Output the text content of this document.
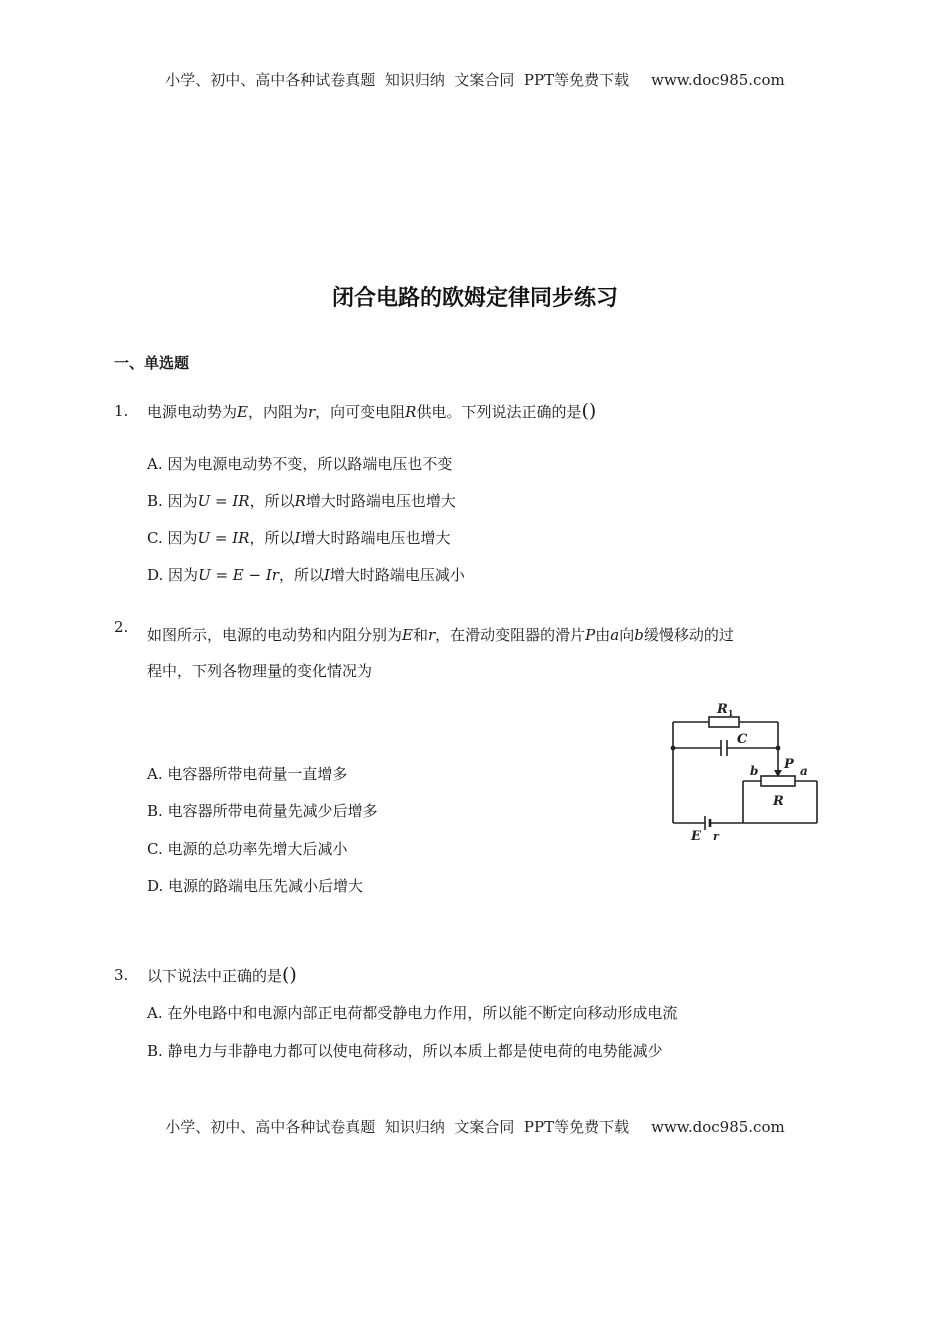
小学、初中、高中各种试卷真题  知识归纳  文案合同  PPT等免费下载 www.doc985.com
闭合电路的欧姆定律同步练习
一、单选题
1. 电源电动势为E，内阻为r，向可变电阻R供电。下列说法正确的是()
A. 因为电源电动势不变，所以路端电压也不变
B. 因为U = IR，所以R增大时路端电压也增大
C. 因为U = IR，所以I增大时路端电压也增大
D. 因为U = E − Ir，所以I增大时路端电压减小
2. 如图所示，电源的电动势和内阻分别为E和r，在滑动变阻器的滑片P由a向b缓慢移动的过
程中，下列各物理量的变化情况为
$R_1$
C
P
b	a
R
E r
A. 电容器所带电荷量一直增多
B. 电容器所带电荷量先减少后增多
C. 电源的总功率先增大后减小
D. 电源的路端电压先减小后增大
3. 以下说法中正确的是()
A. 在外电路中和电源内部正电荷都受静电力作用，所以能不断定向移动形成电流
B. 静电力与非静电力都可以使电荷移动，所以本质上都是使电荷的电势能减少
小学、初中、高中各种试卷真题  知识归纳  文案合同  PPT等免费下载 www.doc985.com
